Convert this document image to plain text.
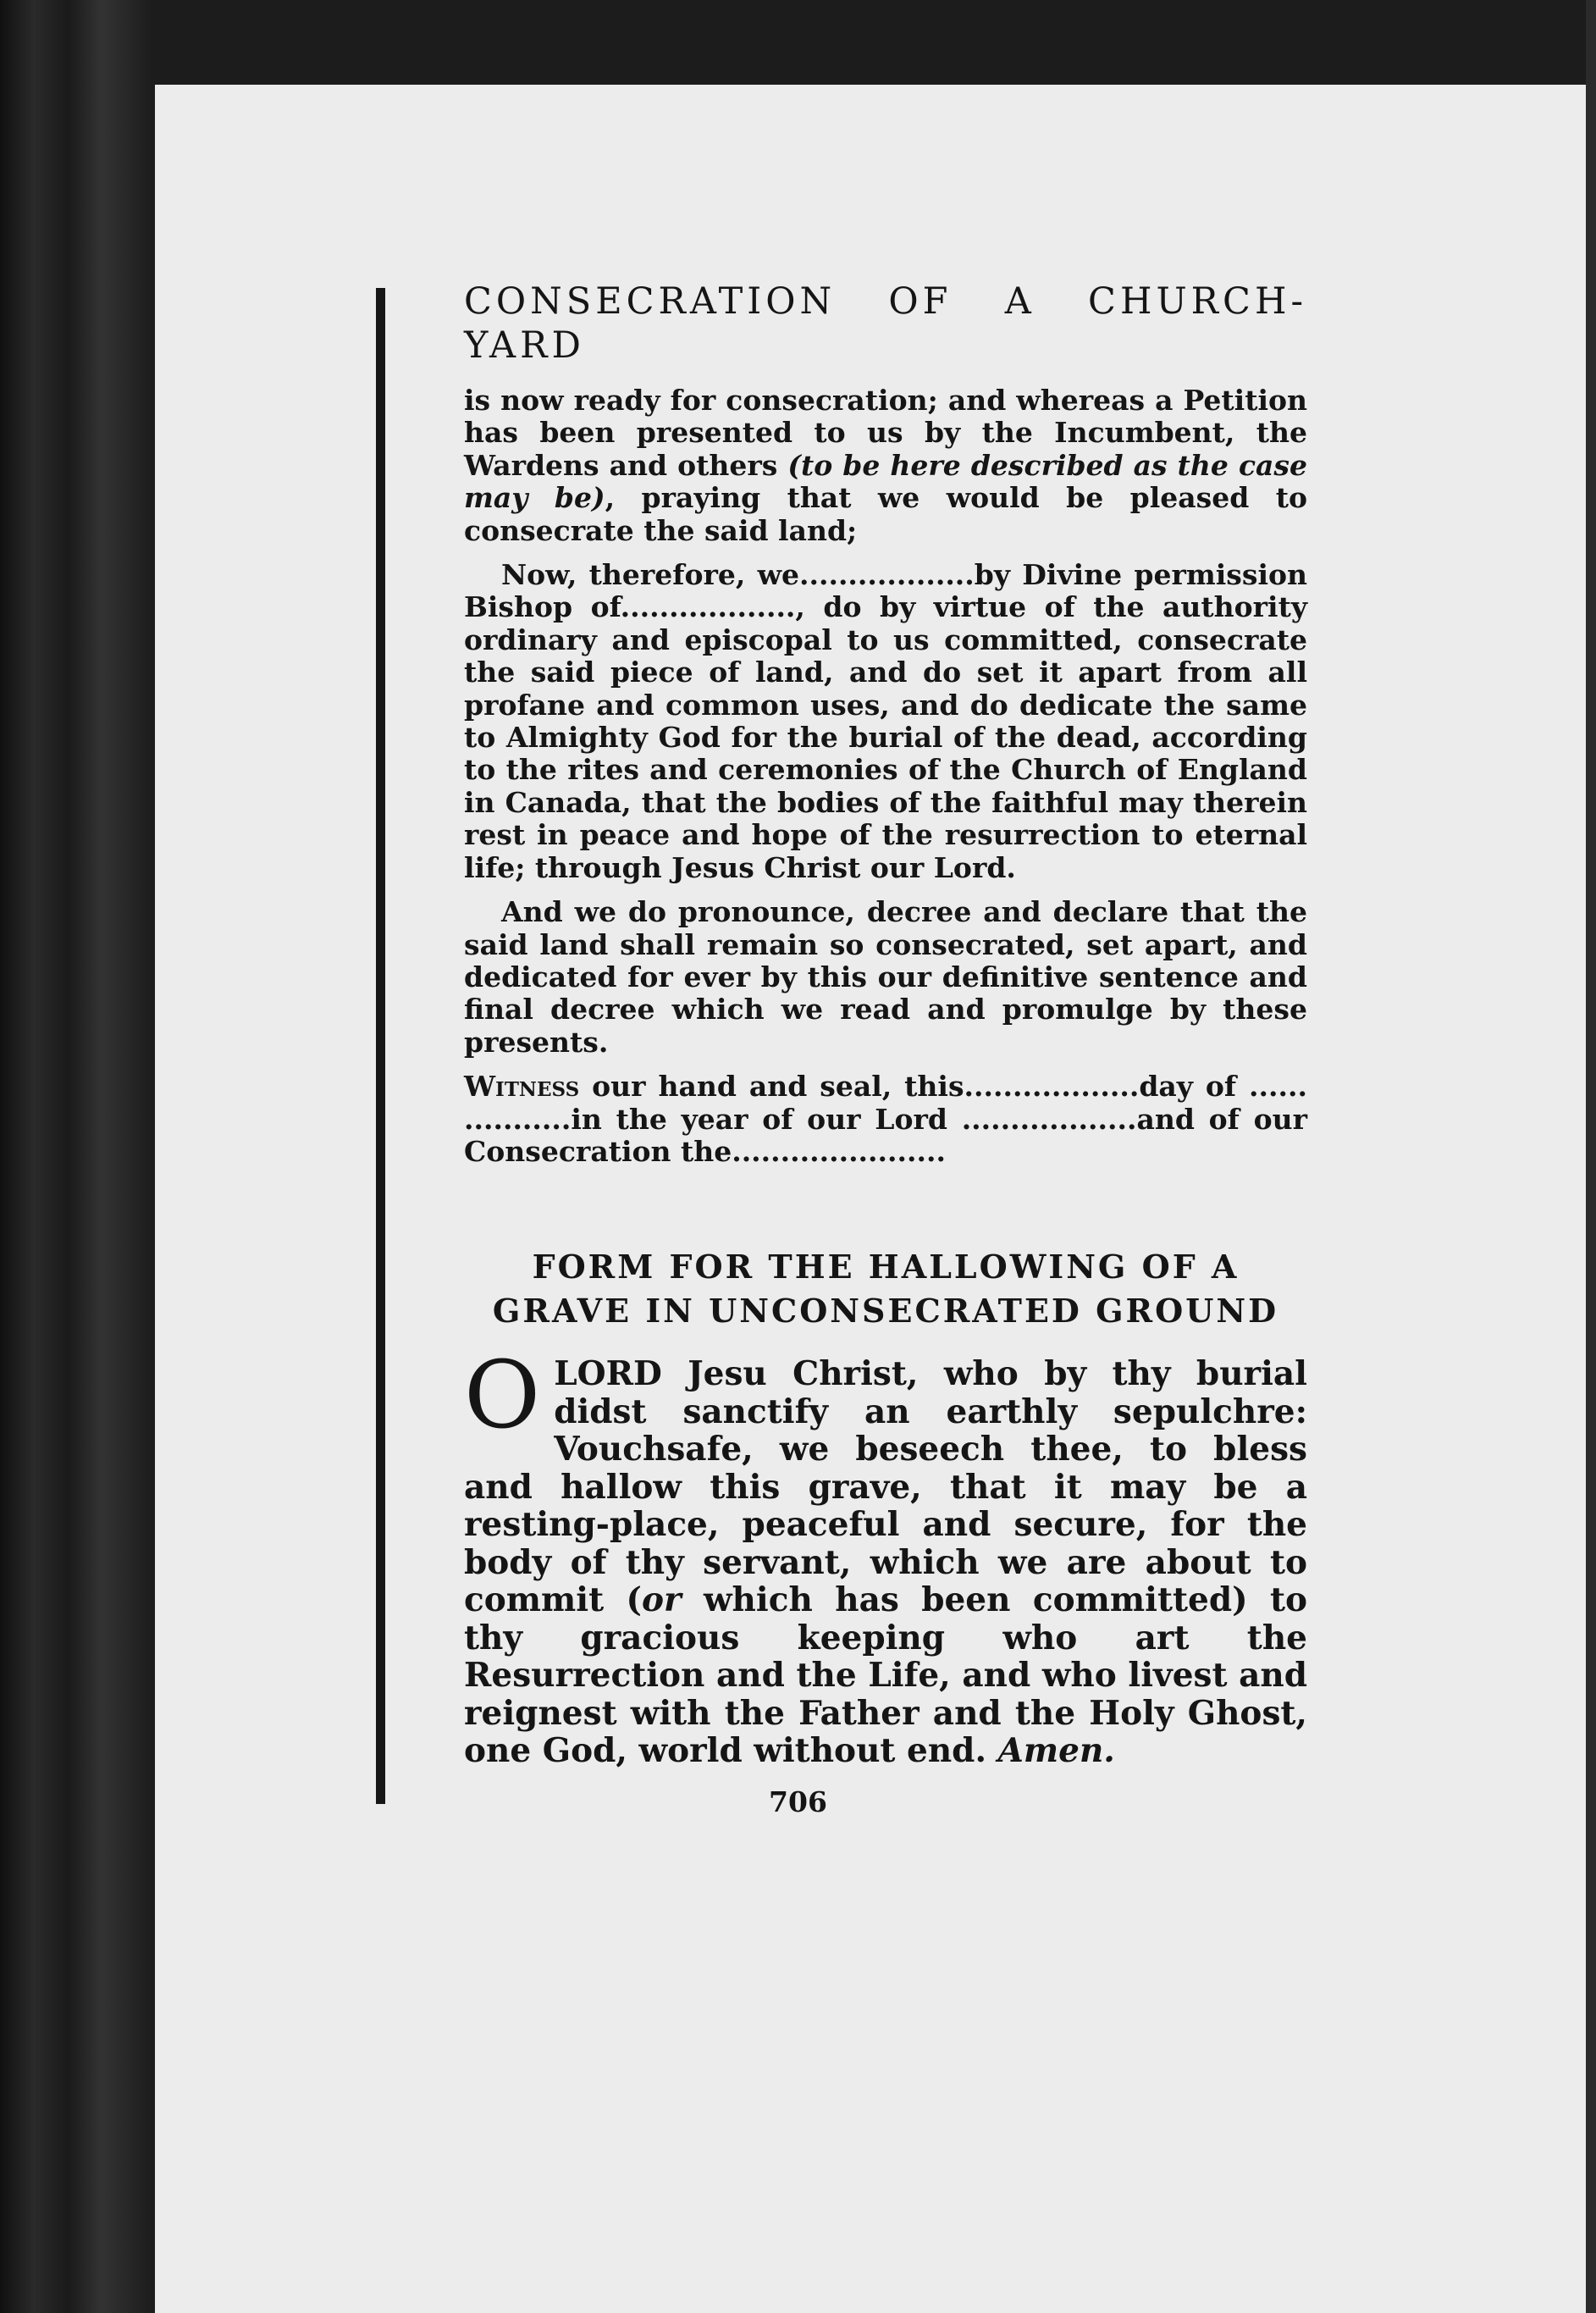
CONSECRATION OF A CHURCH-YARD

is now ready for consecration; and whereas a Petition has been presented to us by the Incumbent, the Wardens and others (to be here described as the case may be), praying that we would be pleased to consecrate the said land;

Now, therefore, we..................by Divine permission Bishop of.................., do by virtue of the authority ordinary and episcopal to us committed, consecrate the said piece of land, and do set it apart from all profane and common uses, and do dedicate the same to Almighty God for the burial of the dead, according to the rites and ceremonies of the Church of England in Canada, that the bodies of the faithful may therein rest in peace and hope of the resurrection to eternal life; through Jesus Christ our Lord.

And we do pronounce, decree and declare that the said land shall remain so consecrated, set apart, and dedicated for ever by this our definitive sentence and final decree which we read and promulge by these presents.

Witness our hand and seal, this..................day of ...... ...........in the year of our Lord ..................and of our Consecration the......................

FORM FOR THE HALLOWING OF A
GRAVE IN UNCONSECRATED GROUND

OLORD Jesu Christ, who by thy burial didst sanctify an earthly sepulchre: Vouchsafe, we beseech thee, to bless and hallow this grave, that it may be a resting-place, peaceful and secure, for the body of thy servant, which we are about to commit (or which has been committed) to thy gracious keeping who art the Resurrection and the Life, and who livest and reignest with the Father and the Holy Ghost, one God, world without end. Amen.

706
